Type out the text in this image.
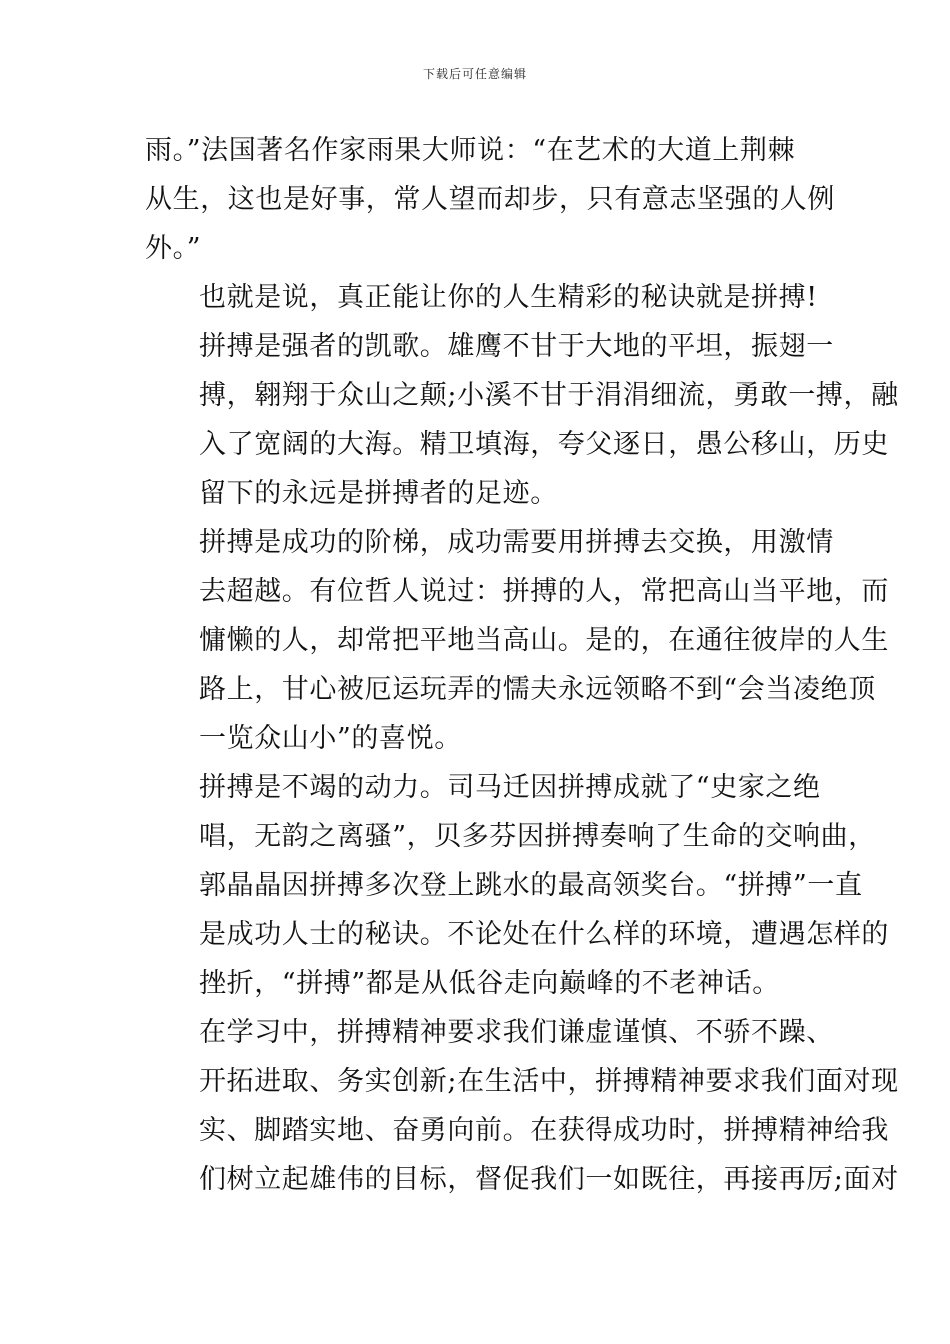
下载后可任意编辑

雨。”法国著名作家雨果大师说：“在艺术的大道上荆棘
从生，这也是好事，常人望而却步，只有意志坚强的人例
外。”

也就是说，真正能让你的人生精彩的秘诀就是拼搏!

拼搏是强者的凯歌。雄鹰不甘于大地的平坦，振翅一
搏，翱翔于众山之颠;小溪不甘于涓涓细流，勇敢一搏，融
入了宽阔的大海。精卫填海，夸父逐日，愚公移山，历史
留下的永远是拼搏者的足迹。

拼搏是成功的阶梯，成功需要用拼搏去交换，用激情
去超越。有位哲人说过：拼搏的人，常把高山当平地，而
慵懒的人，却常把平地当高山。是的，在通往彼岸的人生
路上，甘心被厄运玩弄的懦夫永远领略不到“会当凌绝顶
一览众山小”的喜悦。

拼搏是不竭的动力。司马迁因拼搏成就了“史家之绝
唱，无韵之离骚”，贝多芬因拼搏奏响了生命的交响曲，
郭晶晶因拼搏多次登上跳水的最高领奖台。“拼搏”一直
是成功人士的秘诀。不论处在什么样的环境，遭遇怎样的
挫折，“拼搏”都是从低谷走向巅峰的不老神话。

在学习中，拼搏精神要求我们谦虚谨慎、不骄不躁、
开拓进取、务实创新;在生活中，拼搏精神要求我们面对现
实、脚踏实地、奋勇向前。在获得成功时，拼搏精神给我
们树立起雄伟的目标，督促我们一如既往，再接再厉;面对
